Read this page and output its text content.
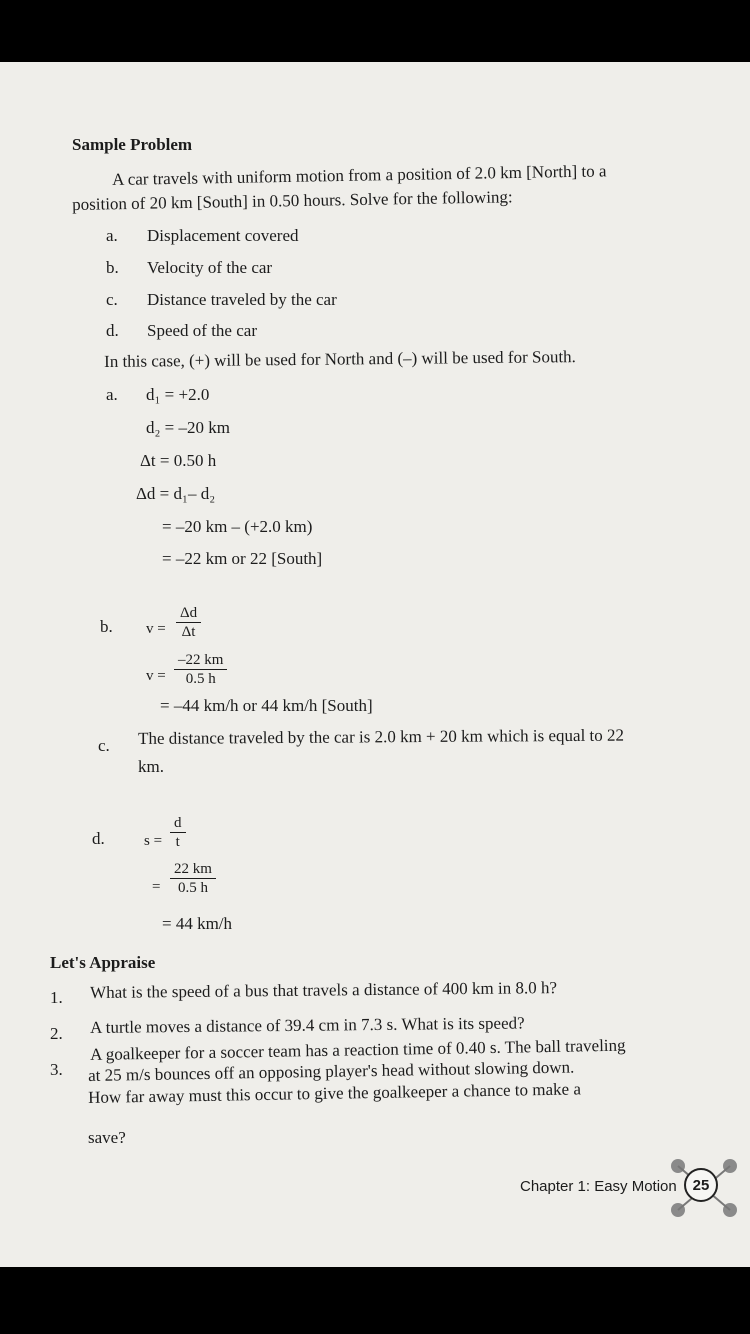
Sample Problem
A car travels with uniform motion from a position of 2.0 km [North] to a
position of 20 km [South] in 0.50 hours. Solve for the following:
a. Displacement covered
b. Velocity of the car
c. Distance traveled by the car
d. Speed of the car
In this case, (+) will be used for North and (–) will be used for South.
a. d₁ = +2.0
d₂ = –20 km
Δt = 0.50 h
Δd = d₁– d₂
= –20 km – (+2.0 km)
= –22 km or 22 [South]
b. v =
Δd
Δt
v =
–22 km
0.5 h
= –44 km/h or 44 km/h [South]
c. The distance traveled by the car is 2.0 km + 20 km which is equal to 22
km.
d.	s =
d
t
=
22 km
0.5 h
= 44 km/h
Let's Appraise
1. What is the speed of a bus that travels a distance of 400 km in 8.0 h?
2. A turtle moves a distance of 39.4 cm in 7.3 s. What is its speed?
3.
A goalkeeper for a soccer team has a reaction time of 0.40 s. The ball traveling
at 25 m/s bounces off an opposing player's head without slowing down.
How far away must this occur to give the goalkeeper a chance to make a
save?
Chapter 1: Easy Motion 25
